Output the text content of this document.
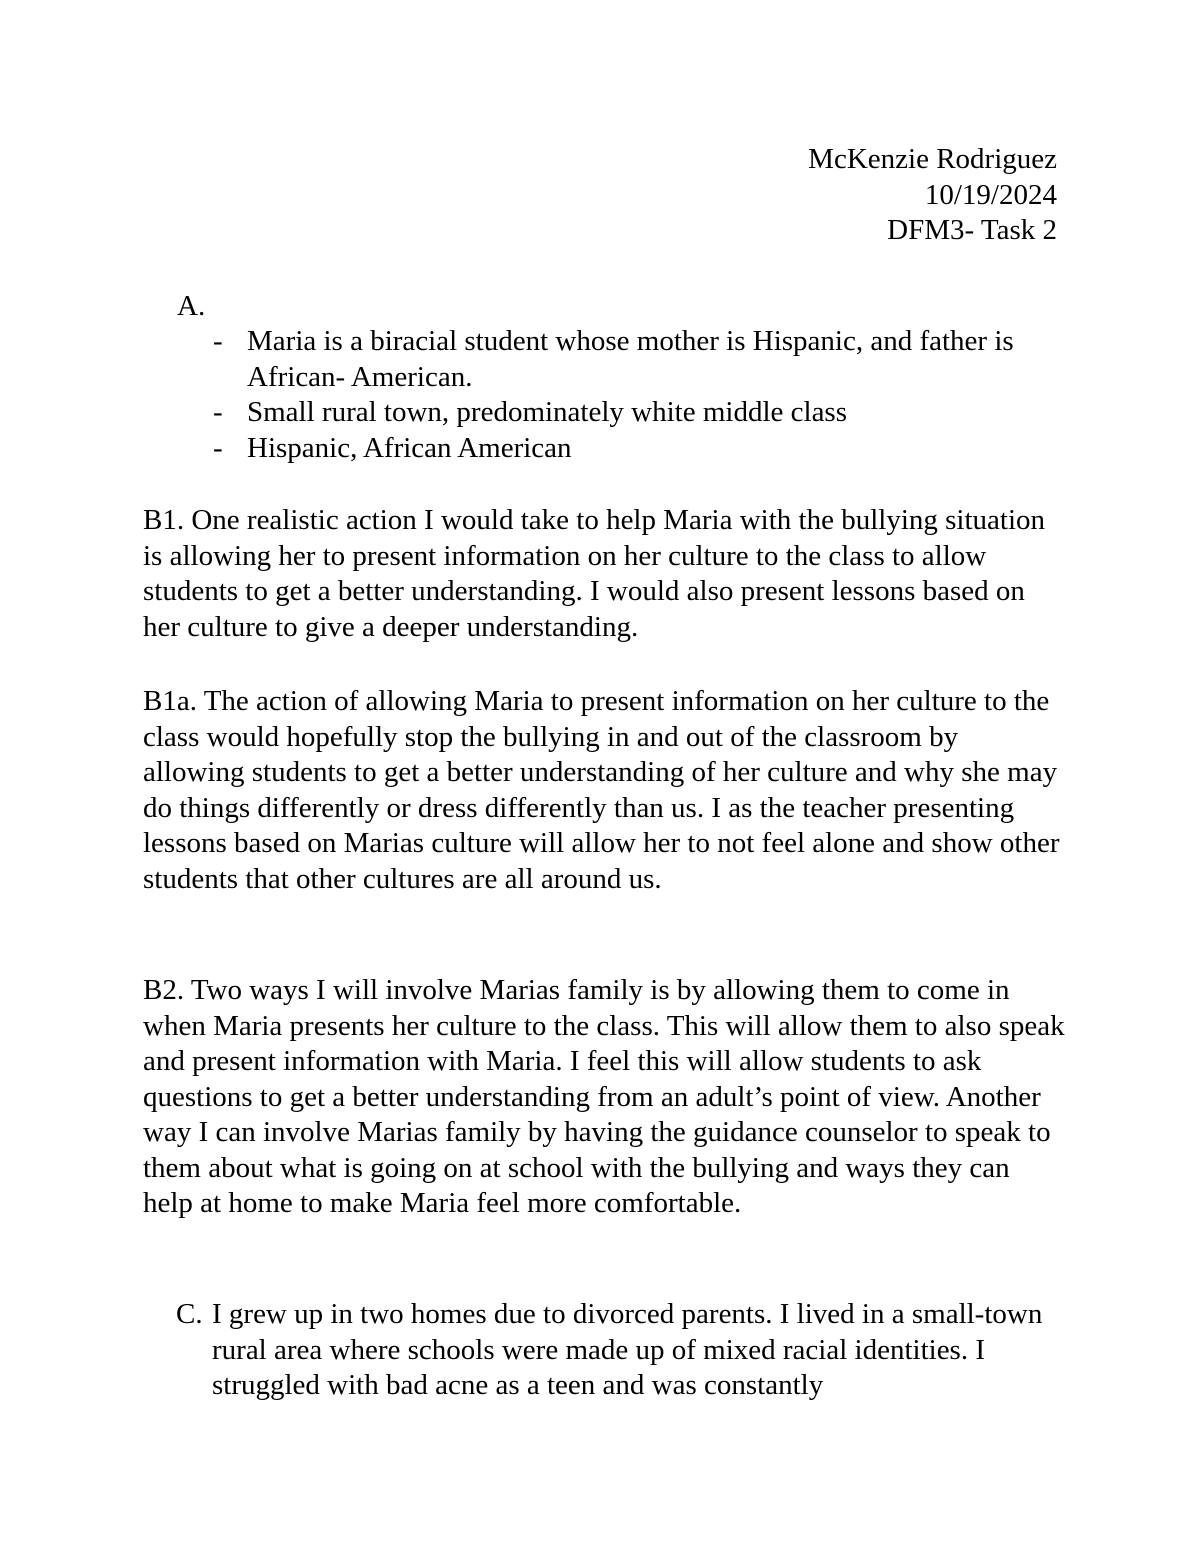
McKenzie Rodriguez
10/19/2024
DFM3- Task 2
A.
- Maria is a biracial student whose mother is Hispanic, and father is African- American.
- Small rural town, predominately white middle class
- Hispanic, African American
B1. One realistic action I would take to help Maria with the bullying situation is allowing her to present information on her culture to the class to allow students to get a better understanding. I would also present lessons based on her culture to give a deeper understanding.
B1a. The action of allowing Maria to present information on her culture to the class would hopefully stop the bullying in and out of the classroom by allowing students to get a better understanding of her culture and why she may do things differently or dress differently than us. I as the teacher presenting lessons based on Marias culture will allow her to not feel alone and show other students that other cultures are all around us.
B2. Two ways I will involve Marias family is by allowing them to come in when Maria presents her culture to the class. This will allow them to also speak and present information with Maria. I feel this will allow students to ask questions to get a better understanding from an adult’s point of view. Another way I can involve Marias family by having the guidance counselor to speak to them about what is going on at school with the bullying and ways they can help at home to make Maria feel more comfortable.
C. I grew up in two homes due to divorced parents. I lived in a small-town rural area where schools were made up of mixed racial identities. I struggled with bad acne as a teen and was constantly
